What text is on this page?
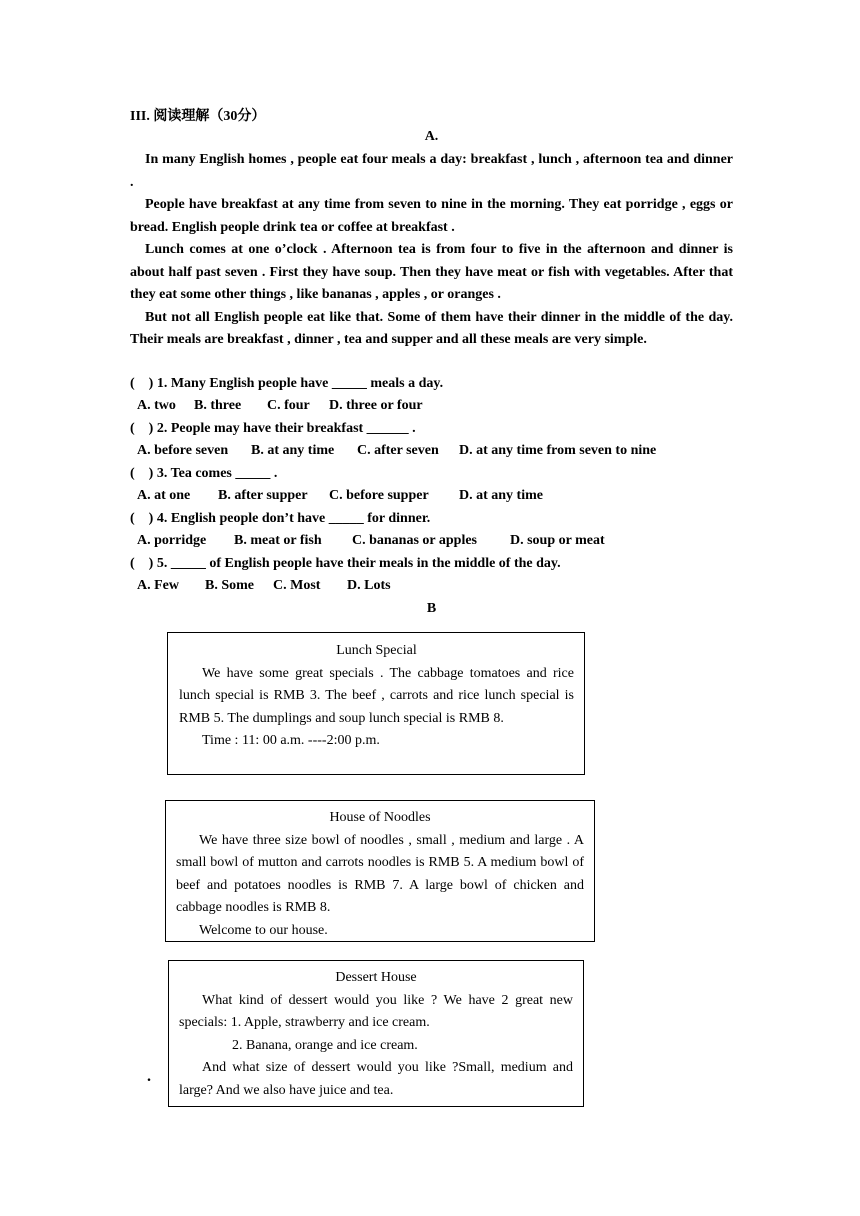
III. 阅读理解（30分）
A.

In many English homes , people eat four meals a day: breakfast , lunch , afternoon tea and dinner .

People have breakfast at any time from seven to nine in the morning. They eat porridge , eggs or bread. English people drink tea or coffee at breakfast .

Lunch comes at one o’clock . Afternoon tea is from four to five in the afternoon and dinner is about half past seven . First they have soup. Then they have meat or fish with vegetables. After that they eat some other things , like bananas , apples , or oranges .

But not all English people eat like that. Some of them have their dinner in the middle of the day. Their meals are breakfast , dinner , tea and supper and all these meals are very simple.

(    ) 1. Many English people have _____ meals a day.
A. two B. three C. four D. three or four
(    ) 2. People may have their breakfast ______ .
A. before seven B. at any time C. after seven D. at any time from seven to nine
(    ) 3. Tea comes _____ .
A. at one B. after supper C. before supper D. at any time
(    ) 4. English people don’t have _____ for dinner.
A. porridge B. meat or fish C. bananas or apples D. soup or meat
(    ) 5. _____ of English people have their meals in the middle of the day.
A. Few B. Some C. Most D. Lots
B
Lunch Special

We have some great specials . The cabbage tomatoes and rice lunch special is RMB 3. The beef , carrots and rice lunch special is RMB 5. The dumplings and soup lunch special is RMB 8.

Time : 11: 00 a.m. ----2:00 p.m.

House of Noodles

We have three size bowl of noodles , small , medium and large . A small bowl of mutton and carrots noodles is RMB 5. A medium bowl of beef and potatoes noodles is RMB 7. A large bowl of chicken and cabbage noodles is RMB 8.

Welcome to our house.

Dessert House

What kind of dessert would you like ? We have 2 great new specials: 1. Apple, strawberry and ice cream.

2. Banana, orange and ice cream.

And what size of dessert would you like ?Small, medium and large? And we also have juice and tea.

.
